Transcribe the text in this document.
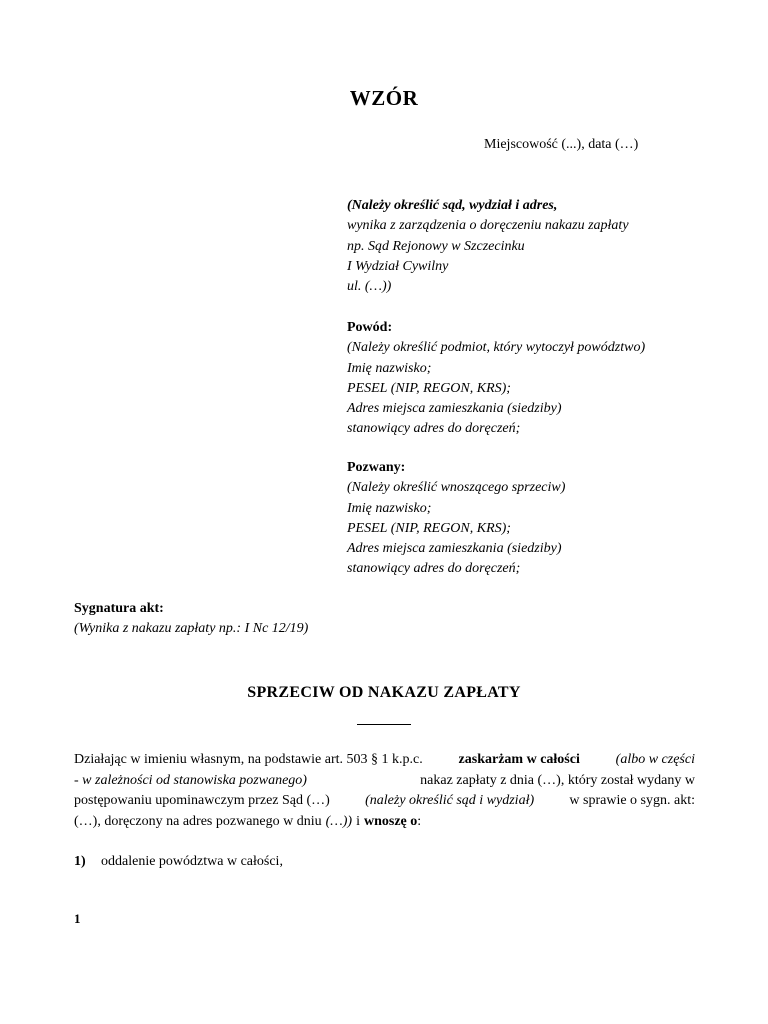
WZÓR
Miejscowość (...), data (…)
(Należy określić sąd, wydział i adres,
wynika z zarządzenia o doręczeniu nakazu zapłaty
np. Sąd Rejonowy w Szczecinku
I Wydział Cywilny
ul. (…))
Powód:
(Należy określić podmiot, który wytoczył powództwo)
Imię nazwisko;
PESEL (NIP, REGON, KRS);
Adres miejsca zamieszkania (siedziby)
stanowiący adres do doręczeń;
Pozwany:
(Należy określić wnoszącego sprzeciw)
Imię nazwisko;
PESEL (NIP, REGON, KRS);
Adres miejsca zamieszkania (siedziby)
stanowiący adres do doręczeń;
Sygnatura akt:
(Wynika z nakazu zapłaty np.: I Nc 12/19)
SPRZECIW OD NAKAZU ZAPŁATY
Działając w imieniu własnym, na podstawie art. 503 § 1 k.p.c.	zaskarżam w całości	(albo w części
- w zależności od stanowiska pozwanego)	nakaz zapłaty z dnia (…), który został wydany w
postępowaniu upominawczym przez Sąd (…)	(należy określić sąd i wydział)	w sprawie o sygn. akt:
(…), doręczony na adres pozwanego w dniu (…)) i wnoszę o :
1) oddalenie powództwa w całości,
1
